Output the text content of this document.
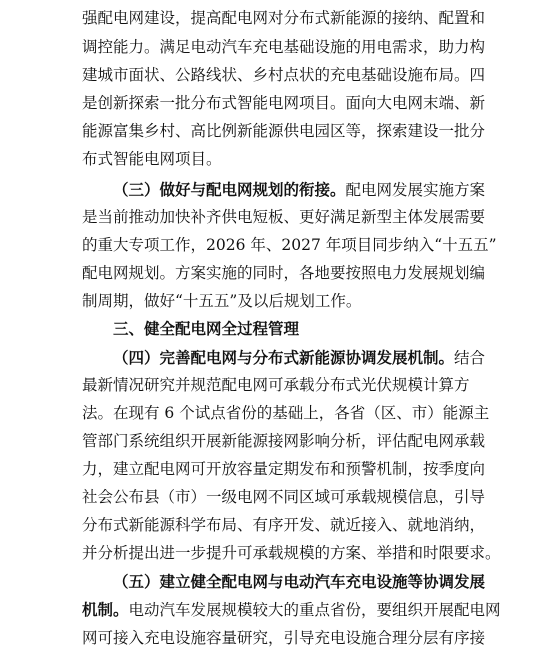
强配电网建设，提高配电网对分布式新能源的接纳、配置和
调控能力。满足电动汽车充电基础设施的用电需求，助力构
建城市面状、公路线状、乡村点状的充电基础设施布局。四
是创新探索一批分布式智能电网项目。面向大电网末端、新
能源富集乡村、高比例新能源供电园区等，探索建设一批分
布式智能电网项目。
（三）做好与配电网规划的衔接。配电网发展实施方案
是当前推动加快补齐供电短板、更好满足新型主体发展需要
的重大专项工作，2026 年、2027 年项目同步纳入“十五五”
配电网规划。方案实施的同时，各地要按照电力发展规划编
制周期，做好“十五五”及以后规划工作。
三、健全配电网全过程管理
（四）完善配电网与分布式新能源协调发展机制。结合
最新情况研究并规范配电网可承载分布式光伏规模计算方
法。在现有 6 个试点省份的基础上，各省（区、市）能源主
管部门系统组织开展新能源接网影响分析，评估配电网承载
力，建立配电网可开放容量定期发布和预警机制，按季度向
社会公布县（市）一级电网不同区域可承载规模信息，引导
分布式新能源科学布局、有序开发、就近接入、就地消纳，
并分析提出进一步提升可承载规模的方案、举措和时限要求。
（五）建立健全配电网与电动汽车充电设施等协调发展
机制。电动汽车发展规模较大的重点省份，要组织开展配电网
网可接入充电设施容量研究，引导充电设施合理分层有序接
